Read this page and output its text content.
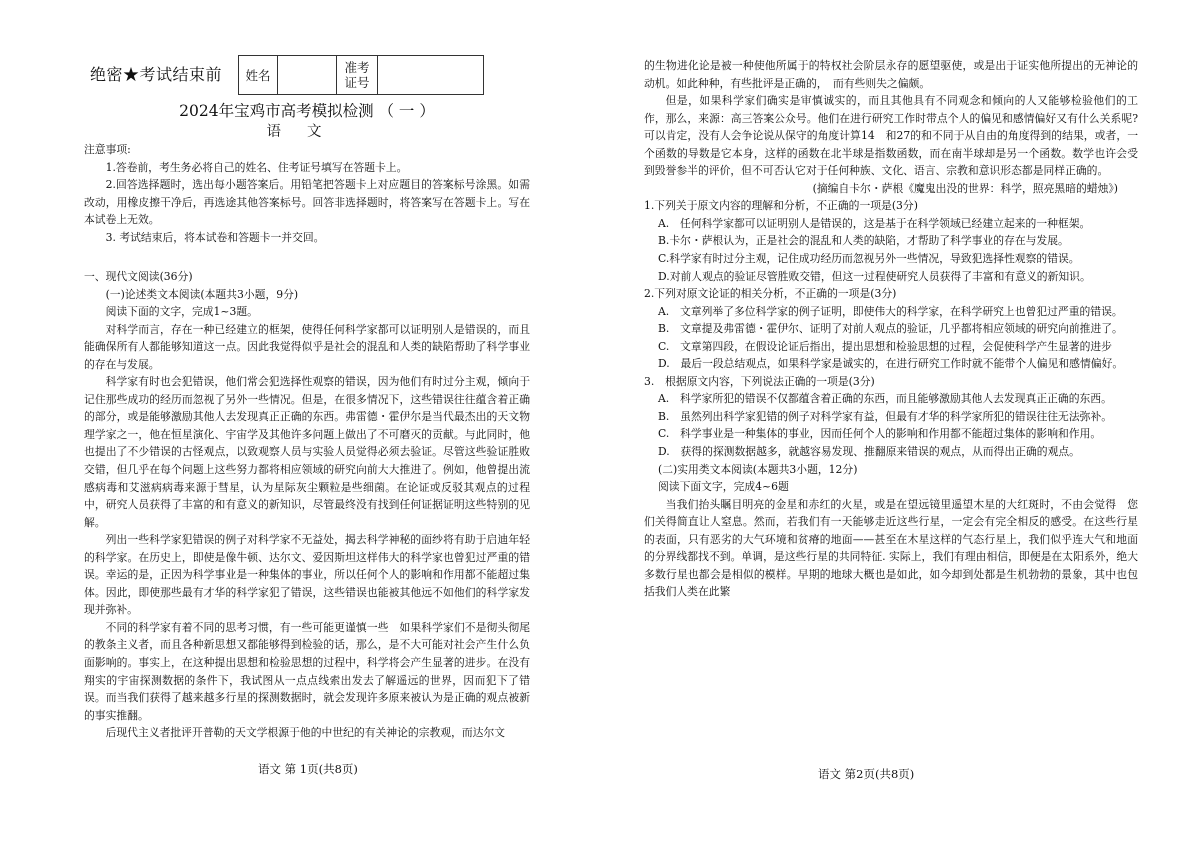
绝密★考试结束前	姓名	准考
证号
2024年宝鸡市高考模拟检测 （ 一 ）
语文

注意事项:

1.答卷前，考生务必将自己的姓名、住考证号填写在答题卡上。

2.回答选择题时，选出每小题答案后。用铅笔把答题卡上对应题目的答案标号涂黑。如需改动，用橡皮擦干净后，再选途其他答案标号。回答非选择题时，将答案写在答题卡上。写在本试卷上无效。

3. 考试结束后，将本试卷和答题卡一并交回。

一、现代文阅读(36分)

(一)论述类文本阅读(本题共3小题，9分)

阅读下面的文字，完成1~3题。

对科学而言，存在一种已经建立的框架，使得任何科学家都可以证明别人是错误的，而且能确保所有人都能够知道这一点。因此我觉得似乎是社会的混乱和人类的缺陷帮助了科学事业的存在与发展。

科学家有时也会犯错误，他们常会犯选择性观察的错误，因为他们有时过分主观，倾向于记住那些成功的经历而忽视了另外一些情况。但是，在很多情况下，这些错误往往蕴含着正确的部分，或是能够激励其他人去发现真正正确的东西。弗雷德・霍伊尔是当代最杰出的天文物理学家之一，他在恒星演化、宇宙学及其他许多问题上做出了不可磨灭的贡献。与此同时，他也提出了不少错误的古怪观点，以致观察人员与实验人员觉得必须去验证。尽管这些验证胜败交错，但几乎在每个问题上这些努力都将相应领域的研究向前大大推进了。例如，他曾提出流感病毒和艾滋病病毒来源于彗星，认为星际灰尘颗粒是些细菌。在论证或反驳其观点的过程中，研究人员获得了丰富的和有意义的新知识，尽管最终没有找到任何证据证明这些特别的见解。

列出一些科学家犯错误的例子对科学家不无益处，揭去科学神秘的面纱将有助于启迪年轻的科学家。在历史上，即使是像牛顿、达尔文、爱因斯坦这样伟大的科学家也曾犯过严重的错误。幸运的是，正因为科学事业是一种集体的事业，所以任何个人的影响和作用都不能超过集体。因此，即使那些最有才华的科学家犯了错误，这些错误也能被其他远不如他们的科学家发现并弥补。

不同的科学家有着不同的思考习惯，有一些可能更谨慎一些　如果科学家们不是彻头彻尾的教条主义者，而且各种新思想又都能够得到检验的话，那么，是不大可能对社会产生什么负面影响的。事实上，在这种提出思想和检验思想的过程中，科学将会产生显著的进步。在没有翔实的宇宙探测数据的条件下，我试图从一点点线索出发去了解遥远的世界，因而犯下了错误。而当我们获得了越来越多行星的探测数据时，就会发现许多原来被认为是正确的观点被新的事实推翻。

后现代主义者批评开普勒的天文学根源于他的中世纪的有关神论的宗教观，而达尔文

语文 第 1页(共8页)

的生物进化论是被一种使他所属于的特权社会阶层永存的愿望驱使，或是出于证实他所提出的无神论的动机。如此种种，有些批评是正确的，　而有些则失之偏颇。

但是，如果科学家们确实是审慎诚实的，而且其他具有不同观念和倾向的人又能够检验他们的工作，那么，来源：高三答案公众号。他们在进行研究工作时带点个人的偏见和感情偏好又有什么关系呢?可以肯定，没有人会争论说从保守的角度计算14　和27的和不同于从自由的角度得到的结果，或者，一个函数的导数是它本身，这样的函数在北半球是指数函数，而在南半球却是另一个函数。数学也许会受到毁誉参半的评价，但不可否认它对于任何种族、文化、语言、宗教和意识形态都是同样正确的。

(摘编自卡尔・萨根《魔鬼出没的世界：科学，照亮黑暗的蜡烛》)

1.下列关于原文内容的理解和分析，不正确的一项是(3分)

A.　任何科学家都可以证明别人是错误的，这是基于在科学领域已经建立起来的一种框架。

B.卡尔・萨根认为，正是社会的混乱和人类的缺陷，才帮助了科学事业的存在与发展。

C.科学家有时过分主观，记住成功经历而忽视另外一些情况，导致犯选择性观察的错误。

D.对前人观点的验证尽管胜败交错，但这一过程使研究人员获得了丰富和有意义的新知识。

2.下列对原文论证的相关分析，不正确的一项是(3分)

A.　文章列举了多位科学家的例子证明，即使伟大的科学家，在科学研究上也曾犯过严重的错误。

B.　文章提及弗雷德・霍伊尔、证明了对前人观点的验证，几乎都将相应领域的研究向前推进了。

C.　文章第四段，在假设论证后指出，提出思想和检验思想的过程，会促使科学产生显著的进步

D.　最后一段总结观点，如果科学家是诚实的，在进行研究工作时就不能带个人偏见和感情偏好。

3.　根据原文内容，下列说法正确的一项是(3分)

A.　科学家所犯的错误不仅都蕴含着正确的东西，而且能够激励其他人去发现真正正确的东西。

B.　虽然列出科学家犯错的例子对科学家有益，但最有才华的科学家所犯的错误往往无法弥补。

C.　科学事业是一种集体的事业，因而任何个人的影响和作用都不能超过集体的影响和作用。

D.　获得的探测数据越多，就越容易发现、推翻原来错误的观点，从而得出正确的观点。

(二)实用类文本阅读(本题共3小题，12分)

阅读下面文字，完成4~6题

当我们抬头瞩目明亮的金星和赤红的火星，或是在望远镜里遥望木星的大红斑时，不由会觉得　您们关得简直让人窒息。然而，若我们有一天能够走近这些行星，一定会有完全相反的感受。在这些行星的表面，只有恶劣的大气环境和贫瘠的地面——甚至在木星这样的气态行星上，我们似乎连大气和地面的分界线都找不到。单调，是这些行星的共同特征. 实际上，我们有理由相信，即便是在太阳系外，绝大多数行星也都会是相似的模样。早期的地球大概也是如此，如今却到处都是生机勃勃的景象，其中也包括我们人类在此繁

语文 第2页(共8页)
